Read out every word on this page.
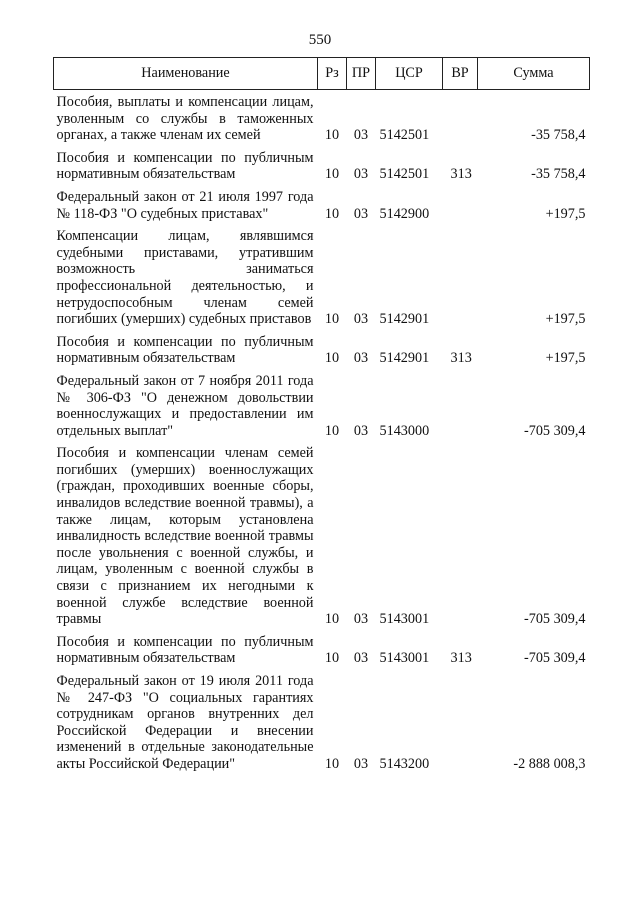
550
Наименование	Рз	ПР	ЦСР	ВР	Сумма
Пособия, выплаты и компенсации лицам, уволенным со службы в таможенных органах, а также членам их семей	10	03	5142501		-35 758,4
Пособия и компенсации по публичным нормативным обязательствам	10	03	5142501	313	-35 758,4
Федеральный закон от 21 июля 1997 года № 118-ФЗ "О судебных приставах"	10	03	5142900		+197,5
Компенсации лицам, являвшимся судебными приставами, утратившим возможность заниматься профессиональной деятельностью, и нетрудоспособным членам семей погибших (умерших) судебных приставов	10	03	5142901		+197,5
Пособия и компенсации по публичным нормативным обязательствам	10	03	5142901	313	+197,5
Федеральный закон от 7 ноября 2011 года № 306-ФЗ "О денежном довольствии военнослужащих и предоставлении им отдельных выплат"	10	03	5143000		-705 309,4
Пособия и компенсации членам семей погибших (умерших) военнослужащих (граждан, проходивших военные сборы, инвалидов вследствие военной травмы), а также лицам, которым установлена инвалидность вследствие военной травмы после увольнения с военной службы, и лицам, уволенным с военной службы в связи с признанием их негодными к военной службе вследствие военной травмы	10	03	5143001		-705 309,4
Пособия и компенсации по публичным нормативным обязательствам	10	03	5143001	313	-705 309,4
Федеральный закон от 19 июля 2011 года № 247-ФЗ "О социальных гарантиях сотрудникам органов внутренних дел Российской Федерации и внесении изменений в отдельные законодательные акты Российской Федерации"	10	03	5143200		-2 888 008,3
